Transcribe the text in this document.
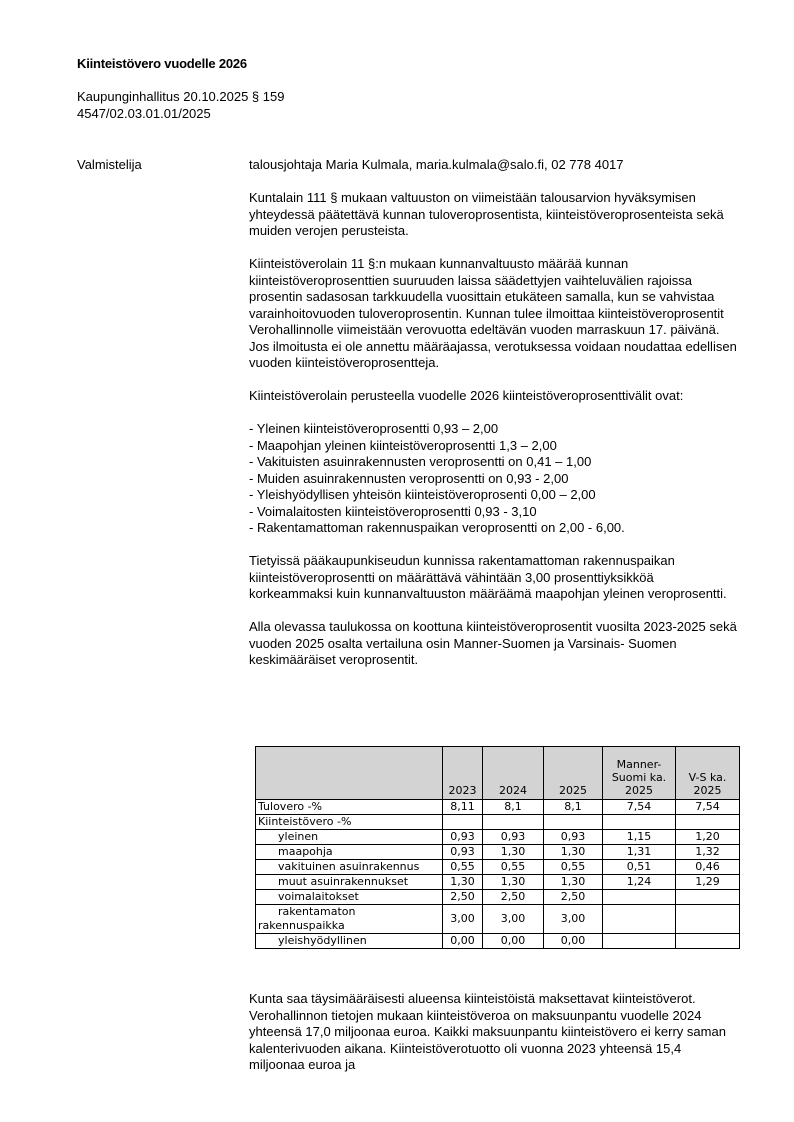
Kiinteistövero vuodelle 2026
Kaupunginhallitus 20.10.2025 § 159
4547/02.03.01.01/2025
Valmistelija	talousjohtaja Maria Kulmala, maria.kulmala@salo.fi, 02 778 4017

Kuntalain 111 § mukaan valtuuston on viimeistään talousarvion hyväksymisen yhteydessä päätettävä kunnan tuloveroprosentista, kiinteistöveroprosenteista sekä muiden verojen perusteista.

Kiinteistöverolain 11 §:n mukaan kunnanvaltuusto määrää kunnan kiinteistöveroprosenttien suuruuden laissa säädettyjen vaihteluvälien rajoissa prosentin sadasosan tarkkuudella vuosittain etukäteen samalla, kun se vahvistaa varainhoitovuoden tuloveroprosentin. Kunnan tulee ilmoittaa kiinteistöveroprosentit Verohallinnolle viimeistään verovuotta edeltävän vuoden marraskuun 17. päivänä. Jos ilmoitusta ei ole annettu määräajassa, verotuksessa voidaan noudattaa edellisen vuoden kiinteistöveroprosentteja.

Kiinteistöverolain perusteella vuodelle 2026 kiinteistöveroprosenttivälit ovat:

- Yleinen kiinteistöveroprosentti 0,93 – 2,00
- Maapohjan yleinen kiinteistöveroprosentti 1,3 – 2,00
- Vakituisten asuinrakennusten veroprosentti on 0,41 – 1,00
- Muiden asuinrakennusten veroprosentti on 0,93 - 2,00
- Yleishyödyllisen yhteisön kiinteistöveroprosenti 0,00 – 2,00
- Voimalaitosten kiinteistöveroprosentti 0,93 - 3,10
- Rakentamattoman rakennuspaikan veroprosentti on 2,00 - 6,00.

Tietyissä pääkaupunkiseudun kunnissa rakentamattoman rakennuspaikan kiinteistöveroprosentti on määrättävä vähintään 3,00 prosenttiyksikköä korkeammaksi kuin kunnanvaltuuston määräämä maapohjan yleinen veroprosentti.

Alla olevassa taulukossa on koottuna kiinteistöveroprosentit vuosilta 2023-2025 sekä vuoden 2025 osalta vertailuna osin Manner-Suomen ja Varsinais- Suomen keskimääräiset veroprosentit.

	2023	2024	2025	Manner-Suomi ka. 2025	V-S ka. 2025
Tulovero -%	8,11	8,1	8,1	7,54	7,54
Kiinteistövero -%					
yleinen	0,93	0,93	0,93	1,15	1,20
maapohja	0,93	1,30	1,30	1,31	1,32
vakituinen asuinrakennus	0,55	0,55	0,55	0,51	0,46
muut asuinrakennukset	1,30	1,30	1,30	1,24	1,29
voimalaitokset	2,50	2,50	2,50		
rakentamaton rakennuspaikka	3,00	3,00	3,00		
yleishyödyllinen	0,00	0,00	0,00		

Kunta saa täysimääräisesti alueensa kiinteistöistä maksettavat kiinteistöverot. Verohallinnon tietojen mukaan kiinteistöveroa on maksuunpantu vuodelle 2024 yhteensä 17,0 miljoonaa euroa. Kaikki maksuunpantu kiinteistövero ei kerry saman kalenterivuoden aikana. Kiinteistöverotuotto oli vuonna 2023 yhteensä 15,4 miljoonaa euroa ja
